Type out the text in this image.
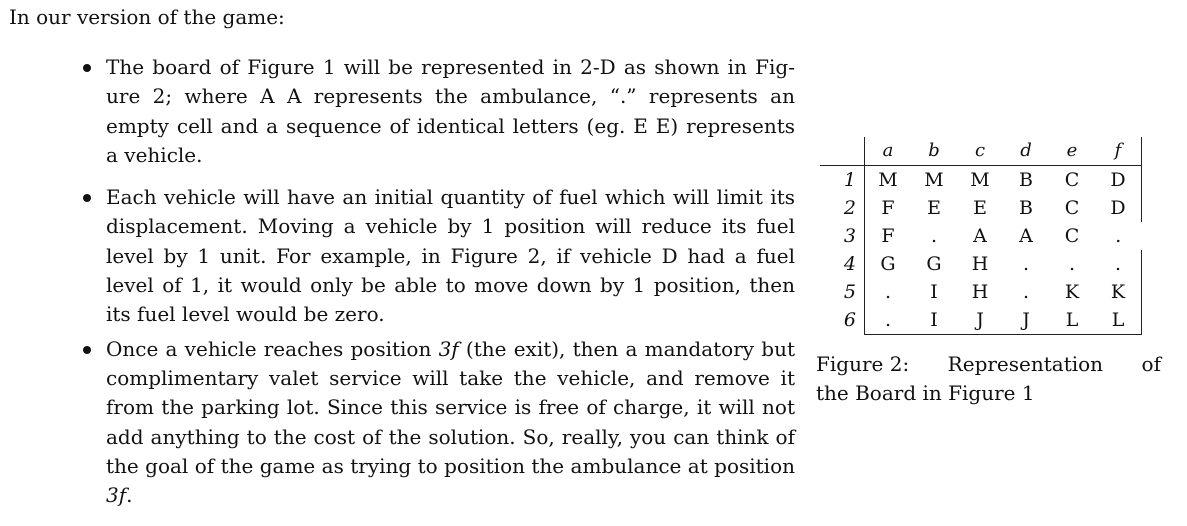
In our version of the game:
The board of Figure 1 will be represented in 2-D as shown in Fig- ure 2; where A A represents the ambulance, “.” represents an empty cell and a sequence of identical letters (eg. E E) represents a vehicle.
Each vehicle will have an initial quantity of fuel which will limit its displacement. Moving a vehicle by 1 position will reduce its fuel level by 1 unit. For example, in Figure 2, if vehicle D had a fuel level of 1, it would only be able to move down by 1 position, then its fuel level would be zero.
Once a vehicle reaches position 3f (the exit), then a mandatory but complimentary valet service will take the vehicle, and remove it from the parking lot. Since this service is free of charge, it will not add anything to the cost of the solution. So, really, you can think of the goal of the game as trying to position the ambulance at position 3f.
	a	b	c	d	e	f
1	M	M	M	B	C	D
2	F	E	E	B	C	D
3	F	.	A	A	C	.
4	G	G	H	.	.	.
5	.	I	H	.	K	K
6	.	I	J	J	L	L
Figure 2: Representation of
the Board in Figure 1
